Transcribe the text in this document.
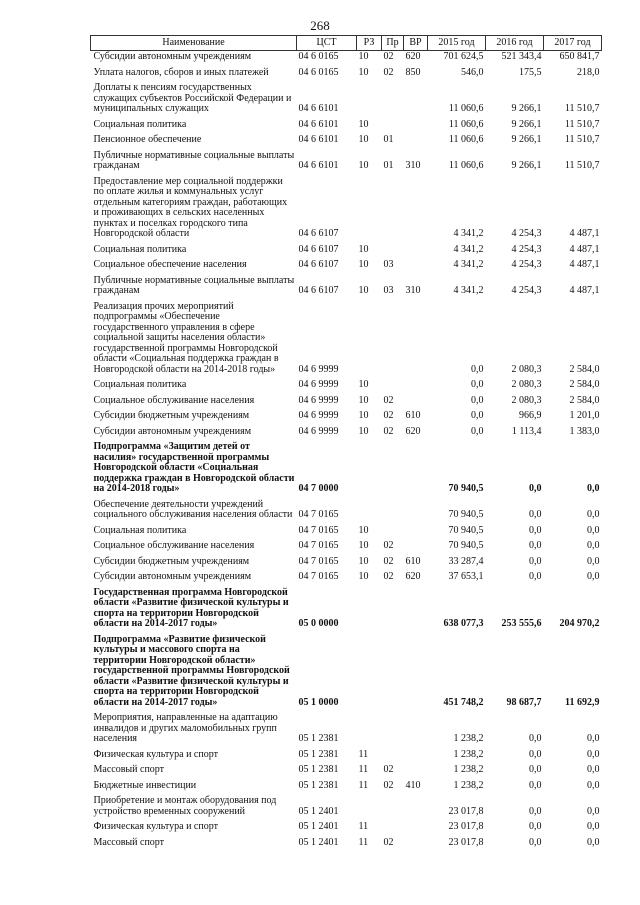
268
Наименование	ЦСТ	РЗ	Пр	ВР	2015 год	2016 год	2017 год
Субсидии автономным учреждениям	04 6 0165	10	02	620	701 624,5	521 343,4	650 841,7
Уплата налогов, сборов и иных платежей	04 6 0165	10	02	850	546,0	175,5	218,0
Доплаты к пенсиям государственных служащих субъектов Российской Федерации и муниципальных служащих	04 6 6101				11 060,6	9 266,1	11 510,7
Социальная политика	04 6 6101	10			11 060,6	9 266,1	11 510,7
Пенсионное обеспечение	04 6 6101	10	01		11 060,6	9 266,1	11 510,7
Публичные нормативные социальные выплаты гражданам	04 6 6101	10	01	310	11 060,6	9 266,1	11 510,7
Предоставление мер социальной поддержки по оплате жилья и коммунальных услуг отдельным категориям граждан, работающих и проживающих в сельских населенных пунктах и поселках городского типа Новгородской области	04 6 6107				4 341,2	4 254,3	4 487,1
Социальная политика	04 6 6107	10			4 341,2	4 254,3	4 487,1
Социальное обеспечение населения	04 6 6107	10	03		4 341,2	4 254,3	4 487,1
Публичные нормативные социальные выплаты гражданам	04 6 6107	10	03	310	4 341,2	4 254,3	4 487,1
Реализация прочих мероприятий подпрограммы «Обеспечение государственного управления в сфере социальной защиты населения области» государственной программы Новгородской области «Социальная поддержка граждан в Новгородской области на 2014-2018 годы»	04 6 9999				0,0	2 080,3	2 584,0
Социальная политика	04 6 9999	10			0,0	2 080,3	2 584,0
Социальное обслуживание населения	04 6 9999	10	02		0,0	2 080,3	2 584,0
Субсидии бюджетным учреждениям	04 6 9999	10	02	610	0,0	966,9	1 201,0
Субсидии автономным учреждениям	04 6 9999	10	02	620	0,0	1 113,4	1 383,0
Подпрограмма «Защитим детей от насилия» государственной программы Новгородской области «Социальная поддержка граждан в Новгородской области на 2014-2018 годы»	04 7 0000				70 940,5	0,0	0,0
Обеспечение деятельности учреждений социального обслуживания населения области	04 7 0165				70 940,5	0,0	0,0
Социальная политика	04 7 0165	10			70 940,5	0,0	0,0
Социальное обслуживание населения	04 7 0165	10	02		70 940,5	0,0	0,0
Субсидии бюджетным учреждениям	04 7 0165	10	02	610	33 287,4	0,0	0,0
Субсидии автономным учреждениям	04 7 0165	10	02	620	37 653,1	0,0	0,0
Государственная программа Новгородской области «Развитие физической культуры и спорта на территории Новгородской области на 2014-2017 годы»	05 0 0000				638 077,3	253 555,6	204 970,2
Подпрограмма «Развитие физической культуры и массового спорта на территории Новгородской области» государственной программы Новгородской области «Развитие физической культуры и спорта на территории Новгородской области на 2014-2017 годы»	05 1 0000				451 748,2	98 687,7	11 692,9
Мероприятия, направленные на адаптацию инвалидов и других маломобильных групп населения	05 1 2381				1 238,2	0,0	0,0
Физическая культура и спорт	05 1 2381	11			1 238,2	0,0	0,0
Массовый спорт	05 1 2381	11	02		1 238,2	0,0	0,0
Бюджетные инвестиции	05 1 2381	11	02	410	1 238,2	0,0	0,0
Приобретение и монтаж оборудования под устройство временных сооружений	05 1 2401				23 017,8	0,0	0,0
Физическая культура и спорт	05 1 2401	11			23 017,8	0,0	0,0
Массовый спорт	05 1 2401	11	02		23 017,8	0,0	0,0
